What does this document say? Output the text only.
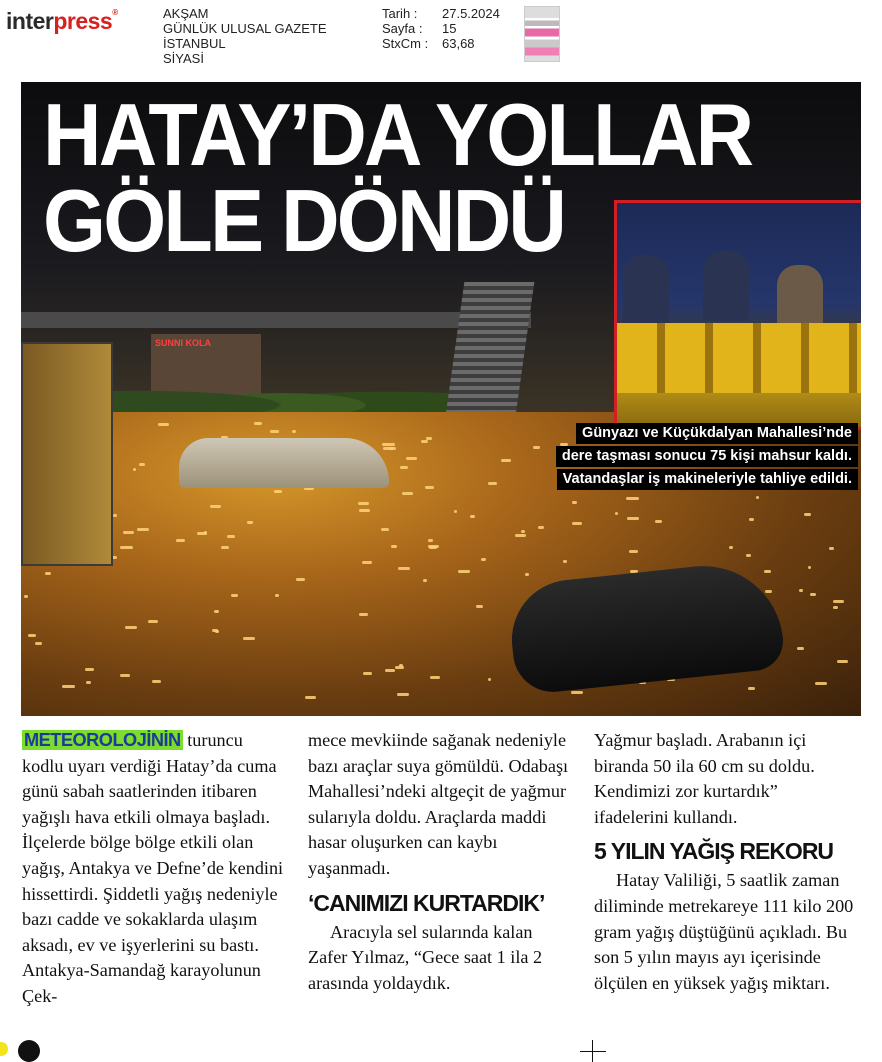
interpress®	AKŞAM
GÜNLÜK ULUSAL GAZETE
İSTANBUL
SİYASİ
Tarih :	27.5.2024
Sayfa :	15
StxCm :	63,68
SUNNI KOLA
HATAY’DA YOLLAR
GÖLE DÖNDÜ
Günyazı ve Küçükdalyan Mahallesi’nde
dere taşması sonucu 75 kişi mahsur kaldı.
Vatandaşlar iş makineleriyle tahliye edildi.

METEOROLOJİNİN turuncu kodlu uyarı verdiği Hatay’da cuma günü sabah saatlerinden itibaren yağışlı hava etkili olmaya başladı. İlçelerde bölge bölge etkili olan yağış, Antakya ve Defne’de kendini hissettirdi. Şiddetli yağış nedeniyle bazı cadde ve sokaklarda ulaşım aksadı, ev ve işyerlerini su bastı. Antakya-Samandağ karayolunun Çek-

mece mevkiinde sağanak nedeniyle bazı araçlar suya gömüldü. Odabaşı Mahallesi’ndeki altgeçit de yağmur sularıyla doldu. Araçlarda maddi hasar oluşurken can kaybı yaşanmadı.

‘CANIMIZI KURTARDIK’

Aracıyla sel sularında kalan Zafer Yılmaz, “Gece saat 1 ila 2 arasında yoldaydık.

Yağmur başladı. Arabanın içi biranda 50 ila 60 cm su doldu. Kendimizi zor kurtardık” ifadelerini kullandı.

5 YILIN YAĞIŞ REKORU

Hatay Valiliği, 5 saatlik zaman diliminde metrekareye 111 kilo 200 gram yağış düştüğünü açıkladı. Bu son 5 yılın mayıs ayı içerisinde ölçülen en yüksek yağış miktarı.
